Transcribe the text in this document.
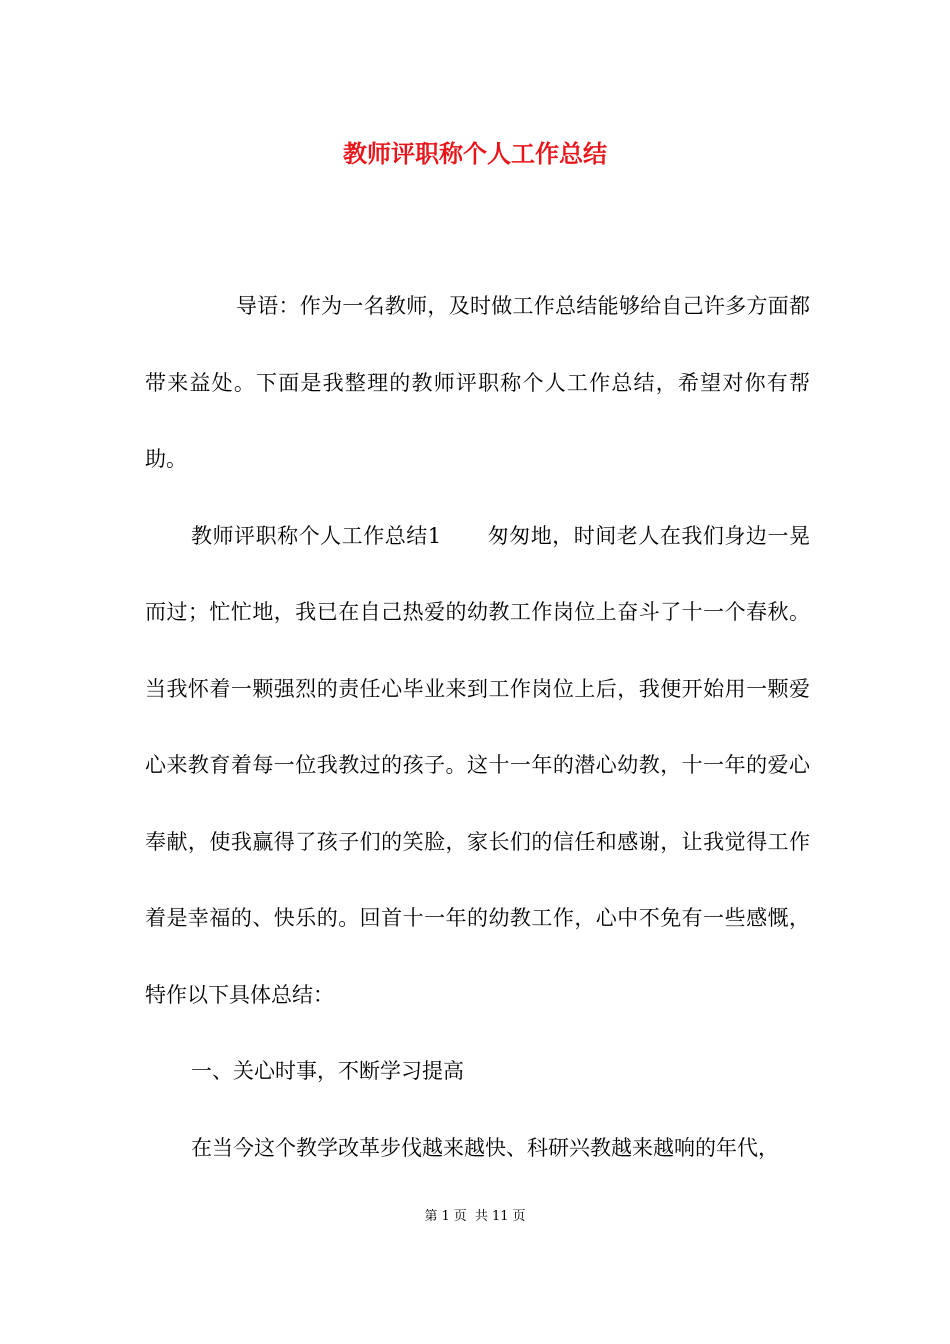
教师评职称个人工作总结

导语：作为一名教师，及时做工作总结能够给自己许多方面都带来益处。下面是我整理的教师评职称个人工作总结，希望对你有帮助。

教师评职称个人工作总结1 匆匆地，时间老人在我们身边一晃而过；忙忙地，我已在自己热爱的幼教工作岗位上奋斗了十一个春秋。当我怀着一颗强烈的责任心毕业来到工作岗位上后，我便开始用一颗爱心来教育着每一位我教过的孩子。这十一年的潜心幼教，十一年的爱心奉献，使我赢得了孩子们的笑脸，家长们的信任和感谢，让我觉得工作着是幸福的、快乐的。回首十一年的幼教工作，心中不免有一些感慨，特作以下具体总结：

一、关心时事，不断学习提高

在当今这个教学改革步伐越来越快、科研兴教越来越响的年代，

第 1 页 共 11 页
